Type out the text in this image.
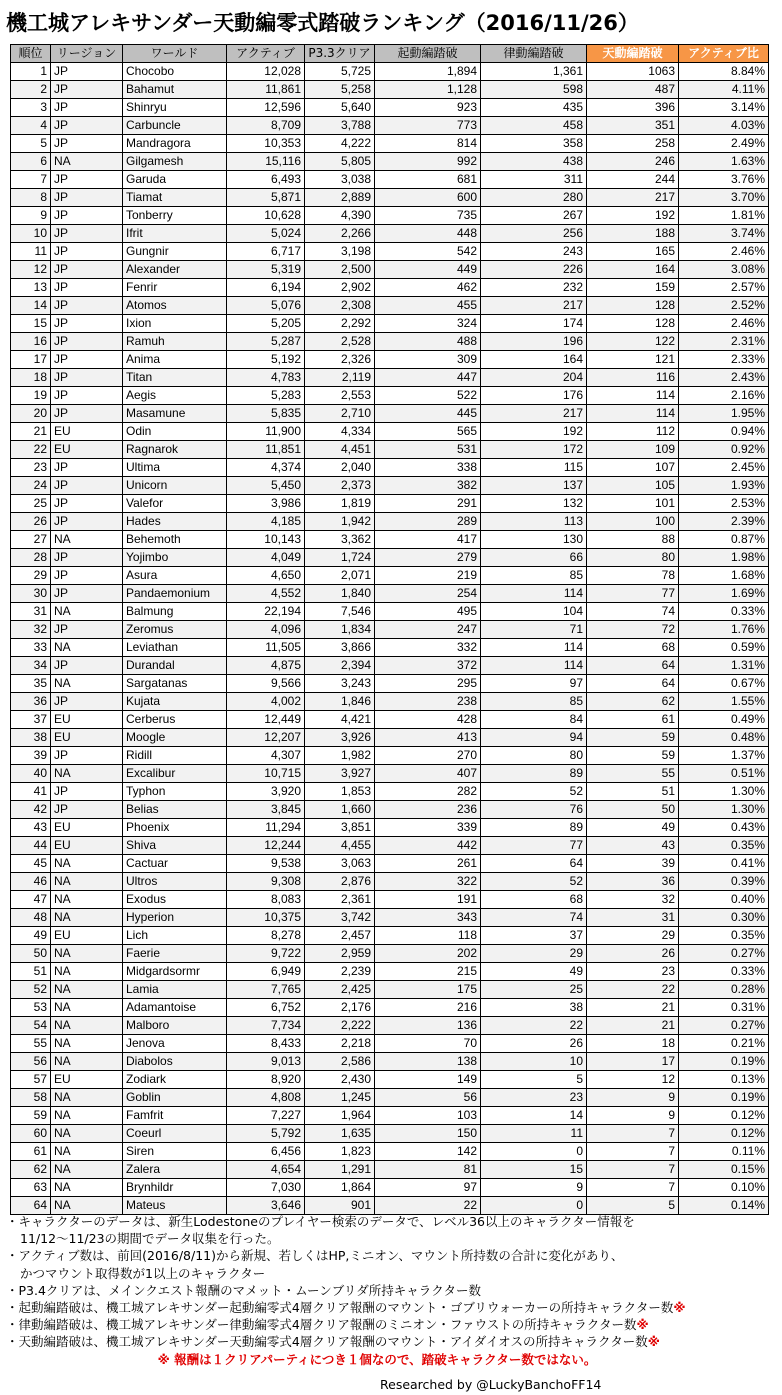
機工城アレキサンダー天動編零式踏破ランキング（2016/11/26）
順位	リージョン	ワールド	アクティブ	P3.3クリア	起動編踏破	律動編踏破	天動編踏破	アクティブ比
1	JP	Chocobo	12,028	5,725	1,894	1,361	1063	8.84%
2	JP	Bahamut	11,861	5,258	1,128	598	487	4.11%
3	JP	Shinryu	12,596	5,640	923	435	396	3.14%
4	JP	Carbuncle	8,709	3,788	773	458	351	4.03%
5	JP	Mandragora	10,353	4,222	814	358	258	2.49%
6	NA	Gilgamesh	15,116	5,805	992	438	246	1.63%
7	JP	Garuda	6,493	3,038	681	311	244	3.76%
8	JP	Tiamat	5,871	2,889	600	280	217	3.70%
9	JP	Tonberry	10,628	4,390	735	267	192	1.81%
10	JP	Ifrit	5,024	2,266	448	256	188	3.74%
11	JP	Gungnir	6,717	3,198	542	243	165	2.46%
12	JP	Alexander	5,319	2,500	449	226	164	3.08%
13	JP	Fenrir	6,194	2,902	462	232	159	2.57%
14	JP	Atomos	5,076	2,308	455	217	128	2.52%
15	JP	Ixion	5,205	2,292	324	174	128	2.46%
16	JP	Ramuh	5,287	2,528	488	196	122	2.31%
17	JP	Anima	5,192	2,326	309	164	121	2.33%
18	JP	Titan	4,783	2,119	447	204	116	2.43%
19	JP	Aegis	5,283	2,553	522	176	114	2.16%
20	JP	Masamune	5,835	2,710	445	217	114	1.95%
21	EU	Odin	11,900	4,334	565	192	112	0.94%
22	EU	Ragnarok	11,851	4,451	531	172	109	0.92%
23	JP	Ultima	4,374	2,040	338	115	107	2.45%
24	JP	Unicorn	5,450	2,373	382	137	105	1.93%
25	JP	Valefor	3,986	1,819	291	132	101	2.53%
26	JP	Hades	4,185	1,942	289	113	100	2.39%
27	NA	Behemoth	10,143	3,362	417	130	88	0.87%
28	JP	Yojimbo	4,049	1,724	279	66	80	1.98%
29	JP	Asura	4,650	2,071	219	85	78	1.68%
30	JP	Pandaemonium	4,552	1,840	254	114	77	1.69%
31	NA	Balmung	22,194	7,546	495	104	74	0.33%
32	JP	Zeromus	4,096	1,834	247	71	72	1.76%
33	NA	Leviathan	11,505	3,866	332	114	68	0.59%
34	JP	Durandal	4,875	2,394	372	114	64	1.31%
35	NA	Sargatanas	9,566	3,243	295	97	64	0.67%
36	JP	Kujata	4,002	1,846	238	85	62	1.55%
37	EU	Cerberus	12,449	4,421	428	84	61	0.49%
38	EU	Moogle	12,207	3,926	413	94	59	0.48%
39	JP	Ridill	4,307	1,982	270	80	59	1.37%
40	NA	Excalibur	10,715	3,927	407	89	55	0.51%
41	JP	Typhon	3,920	1,853	282	52	51	1.30%
42	JP	Belias	3,845	1,660	236	76	50	1.30%
43	EU	Phoenix	11,294	3,851	339	89	49	0.43%
44	EU	Shiva	12,244	4,455	442	77	43	0.35%
45	NA	Cactuar	9,538	3,063	261	64	39	0.41%
46	NA	Ultros	9,308	2,876	322	52	36	0.39%
47	NA	Exodus	8,083	2,361	191	68	32	0.40%
48	NA	Hyperion	10,375	3,742	343	74	31	0.30%
49	EU	Lich	8,278	2,457	118	37	29	0.35%
50	NA	Faerie	9,722	2,959	202	29	26	0.27%
51	NA	Midgardsormr	6,949	2,239	215	49	23	0.33%
52	NA	Lamia	7,765	2,425	175	25	22	0.28%
53	NA	Adamantoise	6,752	2,176	216	38	21	0.31%
54	NA	Malboro	7,734	2,222	136	22	21	0.27%
55	NA	Jenova	8,433	2,218	70	26	18	0.21%
56	NA	Diabolos	9,013	2,586	138	10	17	0.19%
57	EU	Zodiark	8,920	2,430	149	5	12	0.13%
58	NA	Goblin	4,808	1,245	56	23	9	0.19%
59	NA	Famfrit	7,227	1,964	103	14	9	0.12%
60	NA	Coeurl	5,792	1,635	150	11	7	0.12%
61	NA	Siren	6,456	1,823	142	0	7	0.11%
62	NA	Zalera	4,654	1,291	81	15	7	0.15%
63	NA	Brynhildr	7,030	1,864	97	9	7	0.10%
64	NA	Mateus	3,646	901	22	0	5	0.14%
・キャラクターのデータは、新生Lodestoneのプレイヤー検索のデータで、レベル36以上のキャラクター情報を
11/12～11/23の期間でデータ収集を行った。
・アクティブ数は、前回(2016/8/11)から新規、若しくはHP,ミニオン、マウント所持数の合計に変化があり、
かつマウント取得数が1以上のキャラクター
・P3.4クリアは、メインクエスト報酬のマメット・ムーンブリダ所持キャラクター数
・起動編踏破は、機工城アレキサンダー起動編零式4層クリア報酬のマウント・ゴブリウォーカーの所持キャラクター数※
・律動編踏破は、機工城アレキサンダー律動編零式4層クリア報酬のミニオン・ファウストの所持キャラクター数※
・天動編踏破は、機工城アレキサンダー天動編零式4層クリア報酬のマウント・アイダイオスの所持キャラクター数※
※ 報酬は１クリアパーティにつき１個なので、踏破キャラクター数ではない。
Researched by @LuckyBanchoFF14
